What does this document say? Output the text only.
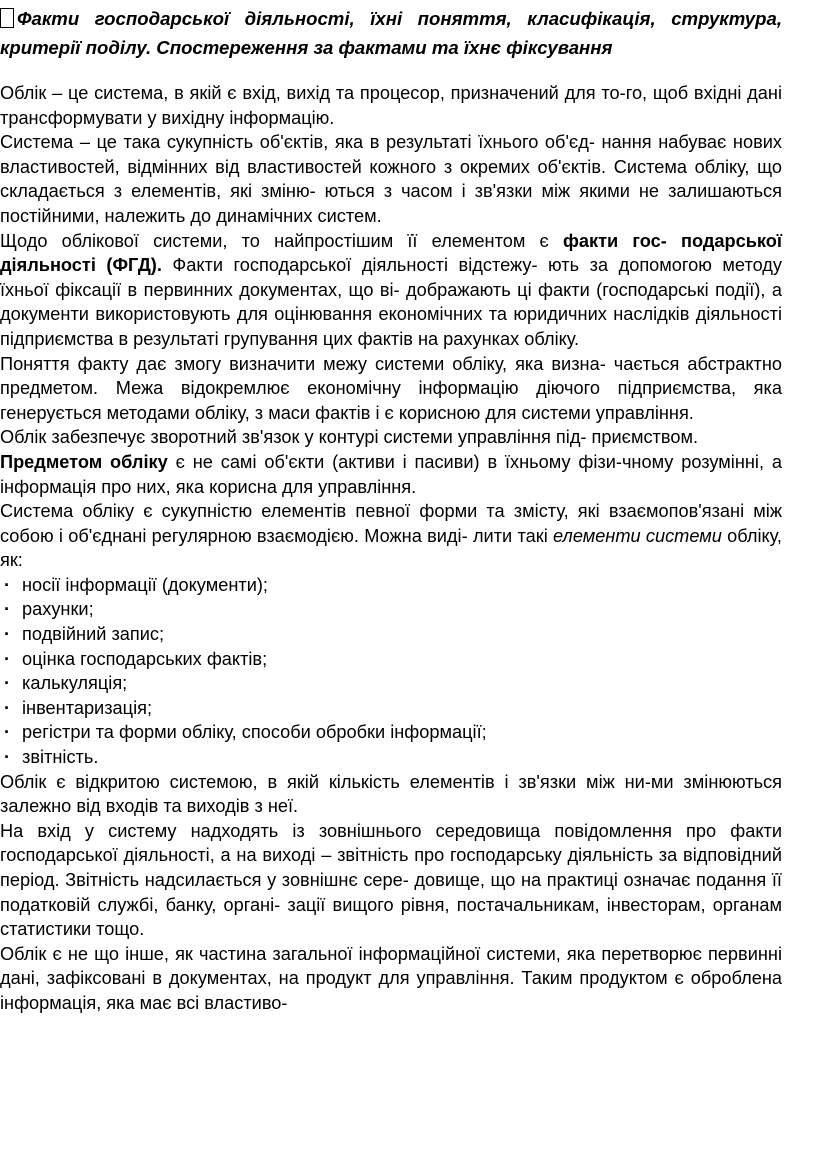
Факти господарської діяльності, їхні поняття, класифікація, структура, критерії поділу. Спостереження за фактами та їхнє фіксування

Облік – це система, в якій є вхід, вихід та процесор, призначений для то-го, щоб вхідні дані трансформувати у вихідну інформацію.

Система – це така сукупність об'єктів, яка в результаті їхнього об'єд- нання набуває нових властивостей, відмінних від властивостей кожного з окремих об'єктів. Система обліку, що складається з елементів, які зміню- ються з часом і зв'язки між якими не залишаються постійними, належить до динамічних систем.

Щодо облікової системи, то найпростішим її елементом є факти гос- подарської діяльності (ФГД). Факти господарської діяльності відстежу- ють за допомогою методу їхньої фіксації в первинних документах, що ві- дображають ці факти (господарські події), а документи використовують для оцінювання економічних та юридичних наслідків діяльності підприємства в результаті групування цих фактів на рахунках обліку.

Поняття факту дає змогу визначити межу системи обліку, яка визна- чається абстрактно предметом. Межа відокремлює економічну інформацію діючого підприємства, яка генерується методами обліку, з маси фактів і є корисною для системи управління.

Облік забезпечує зворотний зв'язок у контурі системи управління під- приємством.

Предметом обліку є не самі об'єкти (активи і пасиви) в їхньому фізи-чному розумінні, а інформація про них, яка корисна для управління.

Система обліку є сукупністю елементів певної форми та змісту, які взаємопов'язані між собою і об'єднані регулярною взаємодією. Можна виді- лити такі елементи системи обліку, як:

· носії інформації (документи);
· рахунки;
· подвійний запис;
· оцінка господарських фактів;
· калькуляція;
· інвентаризація;
· регістри та форми обліку, способи обробки інформації;
· звітність.

Облік є відкритою системою, в якій кількість елементів і зв'язки між ни-ми змінюються залежно від входів та виходів з неї.

На вхід у систему надходять із зовнішнього середовища повідомлення про факти господарської діяльності, а на виході – звітність про господарську діяльність за відповідний період. Звітність надсилається у зовнішнє сере- довище, що на практиці означає подання її податковій службі, банку, органі- зації вищого рівня, постачальникам, інвесторам, органам статистики тощо.

Облік є не що інше, як частина загальної інформаційної системи, яка перетворює первинні дані, зафіксовані в документах, на продукт для управління. Таким продуктом є оброблена інформація, яка має всі властиво-
